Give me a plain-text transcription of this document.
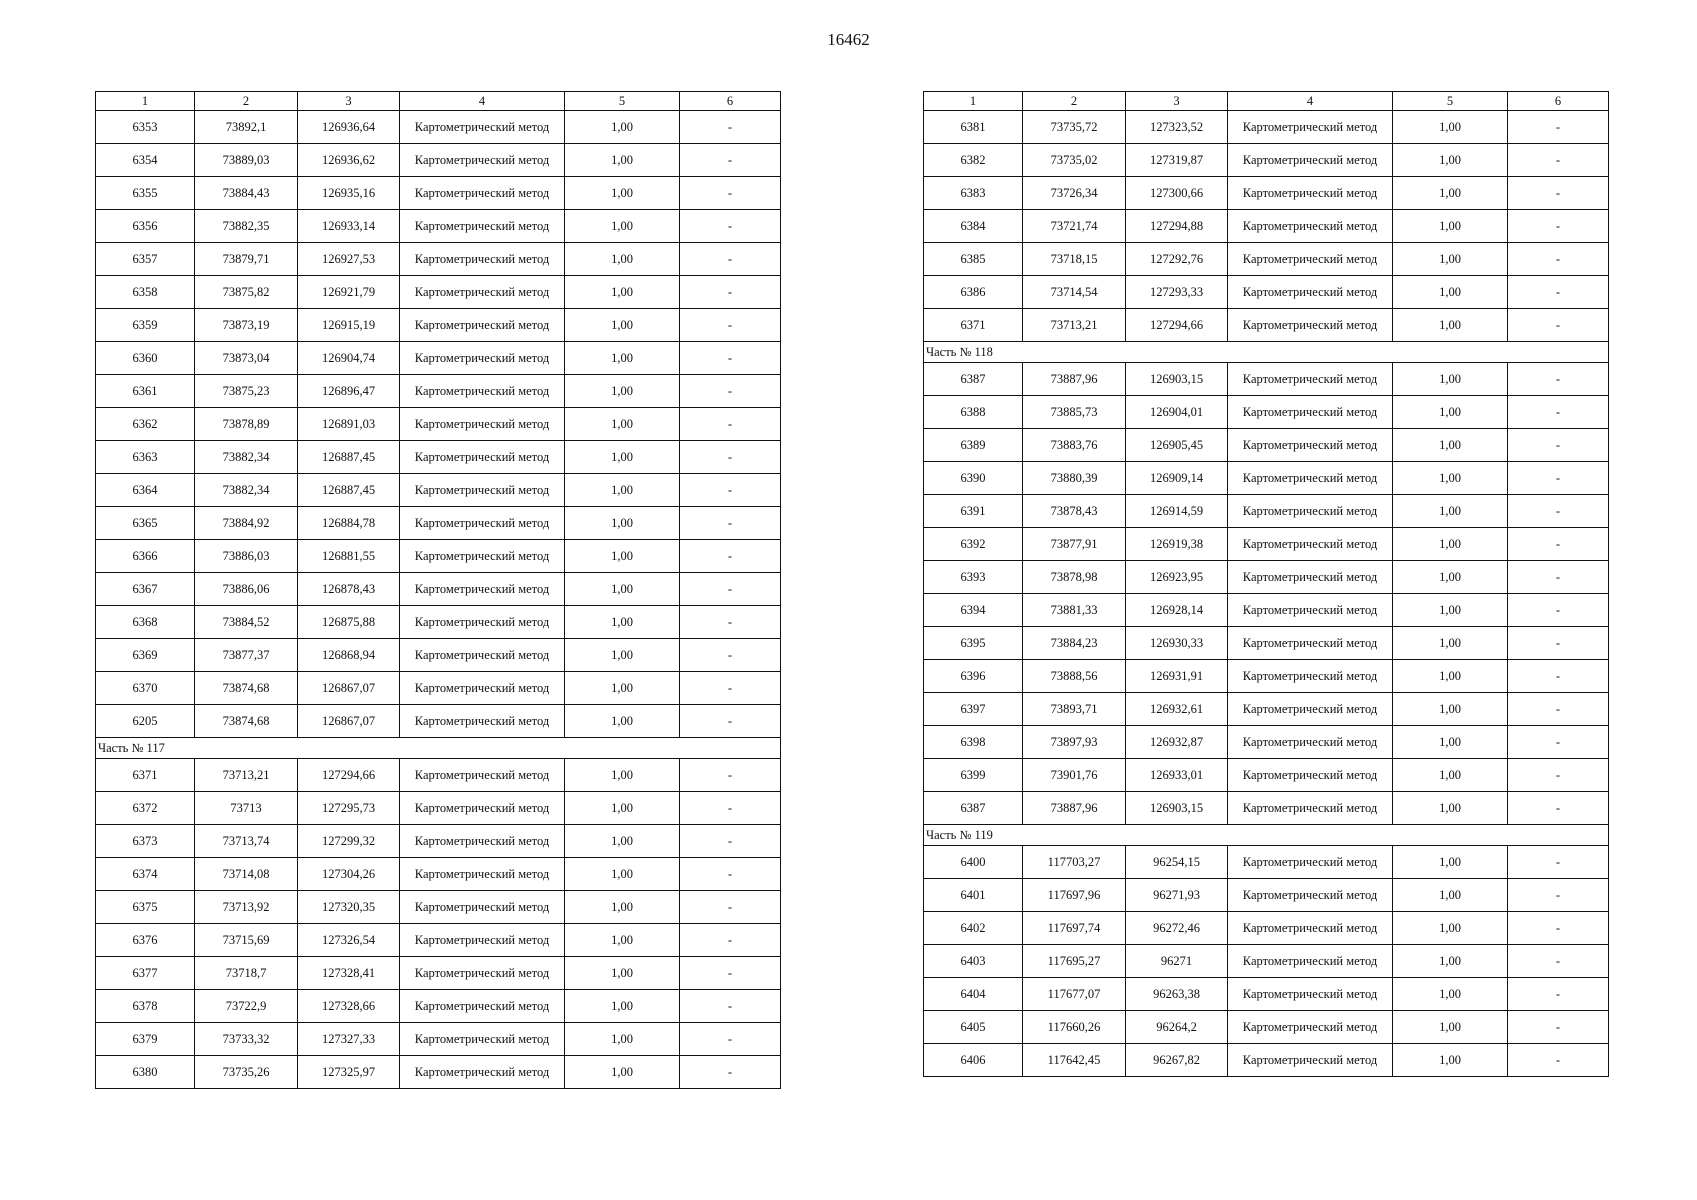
16462
1	2	3	4	5	6
6353	73892,1	126936,64	Картометрический метод	1,00	-
6354	73889,03	126936,62	Картометрический метод	1,00	-
6355	73884,43	126935,16	Картометрический метод	1,00	-
6356	73882,35	126933,14	Картометрический метод	1,00	-
6357	73879,71	126927,53	Картометрический метод	1,00	-
6358	73875,82	126921,79	Картометрический метод	1,00	-
6359	73873,19	126915,19	Картометрический метод	1,00	-
6360	73873,04	126904,74	Картометрический метод	1,00	-
6361	73875,23	126896,47	Картометрический метод	1,00	-
6362	73878,89	126891,03	Картометрический метод	1,00	-
6363	73882,34	126887,45	Картометрический метод	1,00	-
6364	73882,34	126887,45	Картометрический метод	1,00	-
6365	73884,92	126884,78	Картометрический метод	1,00	-
6366	73886,03	126881,55	Картометрический метод	1,00	-
6367	73886,06	126878,43	Картометрический метод	1,00	-
6368	73884,52	126875,88	Картометрический метод	1,00	-
6369	73877,37	126868,94	Картометрический метод	1,00	-
6370	73874,68	126867,07	Картометрический метод	1,00	-
6205	73874,68	126867,07	Картометрический метод	1,00	-
Часть № 117					
6371	73713,21	127294,66	Картометрический метод	1,00	-
6372	73713	127295,73	Картометрический метод	1,00	-
6373	73713,74	127299,32	Картометрический метод	1,00	-
6374	73714,08	127304,26	Картометрический метод	1,00	-
6375	73713,92	127320,35	Картометрический метод	1,00	-
6376	73715,69	127326,54	Картометрический метод	1,00	-
6377	73718,7	127328,41	Картометрический метод	1,00	-
6378	73722,9	127328,66	Картометрический метод	1,00	-
6379	73733,32	127327,33	Картометрический метод	1,00	-
6380	73735,26	127325,97	Картометрический метод	1,00	-
1	2	3	4	5	6
6381	73735,72	127323,52	Картометрический метод	1,00	-
6382	73735,02	127319,87	Картометрический метод	1,00	-
6383	73726,34	127300,66	Картометрический метод	1,00	-
6384	73721,74	127294,88	Картометрический метод	1,00	-
6385	73718,15	127292,76	Картометрический метод	1,00	-
6386	73714,54	127293,33	Картометрический метод	1,00	-
6371	73713,21	127294,66	Картометрический метод	1,00	-
Часть № 118					
6387	73887,96	126903,15	Картометрический метод	1,00	-
6388	73885,73	126904,01	Картометрический метод	1,00	-
6389	73883,76	126905,45	Картометрический метод	1,00	-
6390	73880,39	126909,14	Картометрический метод	1,00	-
6391	73878,43	126914,59	Картометрический метод	1,00	-
6392	73877,91	126919,38	Картометрический метод	1,00	-
6393	73878,98	126923,95	Картометрический метод	1,00	-
6394	73881,33	126928,14	Картометрический метод	1,00	-
6395	73884,23	126930,33	Картометрический метод	1,00	-
6396	73888,56	126931,91	Картометрический метод	1,00	-
6397	73893,71	126932,61	Картометрический метод	1,00	-
6398	73897,93	126932,87	Картометрический метод	1,00	-
6399	73901,76	126933,01	Картометрический метод	1,00	-
6387	73887,96	126903,15	Картометрический метод	1,00	-
Часть № 119					
6400	117703,27	96254,15	Картометрический метод	1,00	-
6401	117697,96	96271,93	Картометрический метод	1,00	-
6402	117697,74	96272,46	Картометрический метод	1,00	-
6403	117695,27	96271	Картометрический метод	1,00	-
6404	117677,07	96263,38	Картометрический метод	1,00	-
6405	117660,26	96264,2	Картометрический метод	1,00	-
6406	117642,45	96267,82	Картометрический метод	1,00	-
